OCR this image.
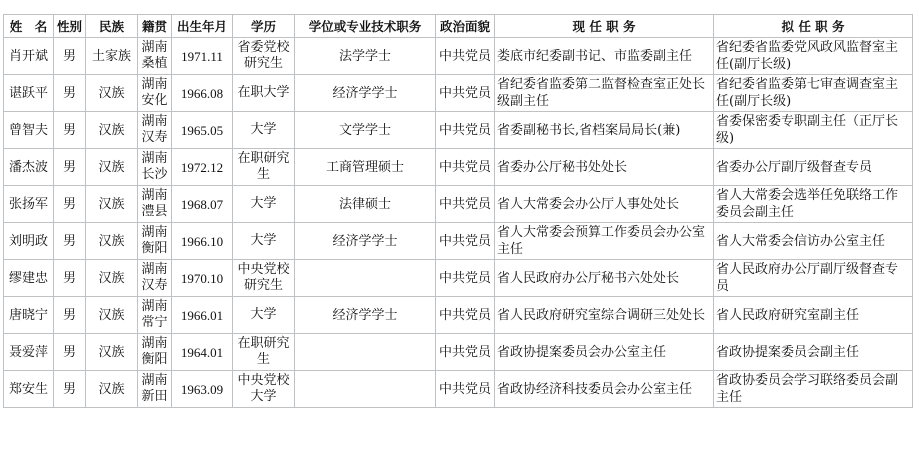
姓　名	性别	民族	籍贯	出生年月	学历	学位或专业技术职务	政治面貌	现 任 职 务	拟 任 职 务
肖开斌	男	土家族	湖南桑植	1971.11	省委党校研究生	法学学士	中共党员	娄底市纪委副书记、市监委副主任	省纪委省监委党风政风监督室主任(副厅长级)
谌跃平	男	汉族	湖南安化	1966.08	在职大学	经济学学士	中共党员	省纪委省监委第二监督检查室正处长级副主任	省纪委省监委第七审查调查室主任(副厅长级)
曾智夫	男	汉族	湖南汉寿	1965.05	大学	文学学士	中共党员	省委副秘书长,省档案局局长(兼)	省委保密委专职副主任（正厅长级)
潘杰波	男	汉族	湖南长沙	1972.12	在职研究生	工商管理硕士	中共党员	省委办公厅秘书处处长	省委办公厅副厅级督查专员
张扬军	男	汉族	湖南澧县	1968.07	大学	法律硕士	中共党员	省人大常委会办公厅人事处处长	省人大常委会选举任免联络工作委员会副主任
刘明政	男	汉族	湖南衡阳	1966.10	大学	经济学学士	中共党员	省人大常委会预算工作委员会办公室主任	省人大常委会信访办公室主任
缪建忠	男	汉族	湖南汉寿	1970.10	中央党校研究生		中共党员	省人民政府办公厅秘书六处处长	省人民政府办公厅副厅级督查专员
唐晓宁	男	汉族	湖南常宁	1966.01	大学	经济学学士	中共党员	省人民政府研究室综合调研三处处长	省人民政府研究室副主任
聂爱萍	男	汉族	湖南衡阳	1964.01	在职研究生		中共党员	省政协提案委员会办公室主任	省政协提案委员会副主任
郑安生	男	汉族	湖南新田	1963.09	中央党校大学		中共党员	省政协经济科技委员会办公室主任	省政协委员会学习联络委员会副主任
